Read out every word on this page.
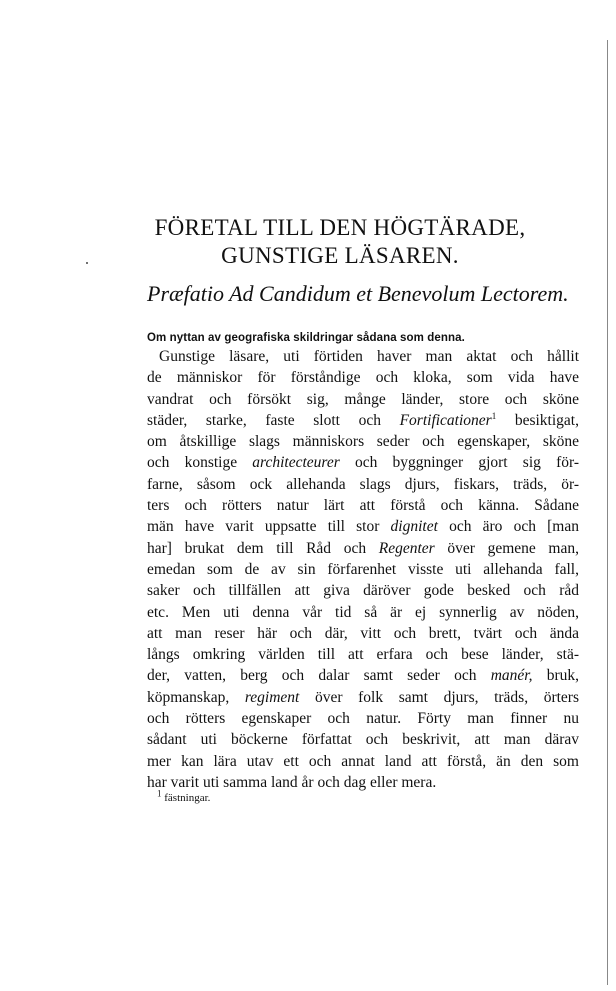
FÖRETAL TILL DEN HÖGTÄRADE,
GUNSTIGE LÄSAREN.
Præfatio Ad Candidum et Benevolum Lectorem.
Om nyttan av geografiska skildringar sådana som denna.
Gunstige läsare, uti förtiden haver man aktat och hållit
de människor för förståndige och kloka, som vida have
vandrat och försökt sig, månge länder, store och sköne
städer, starke, faste slott och Fortificationer$^1$ besiktigat,
om åtskillige slags människors seder och egenskaper, sköne
och konstige architecteurer och byggninger gjort sig för-
farne, såsom ock allehanda slags djurs, fiskars, träds, ör-
ters och rötters natur lärt att förstå och känna. Sådane
män have varit uppsatte till stor dignitet och äro och [man
har] brukat dem till Råd och Regenter över gemene man,
emedan som de av sin förfarenhet visste uti allehanda fall,
saker och tillfällen att giva däröver gode besked och råd
etc. Men uti denna vår tid så är ej synnerlig av nöden,
att man reser här och där, vitt och brett, tvärt och ända
långs omkring världen till att erfara och bese länder, stä-
der, vatten, berg och dalar samt seder och manér, bruk,
köpmanskap, regiment över folk samt djurs, träds, örters
och rötters egenskaper och natur. Förty man finner nu
sådant uti böckerne författat och beskrivit, att man därav
mer kan lära utav ett och annat land att förstå, än den som
har varit uti samma land år och dag eller mera.
$^1$ fästningar.
